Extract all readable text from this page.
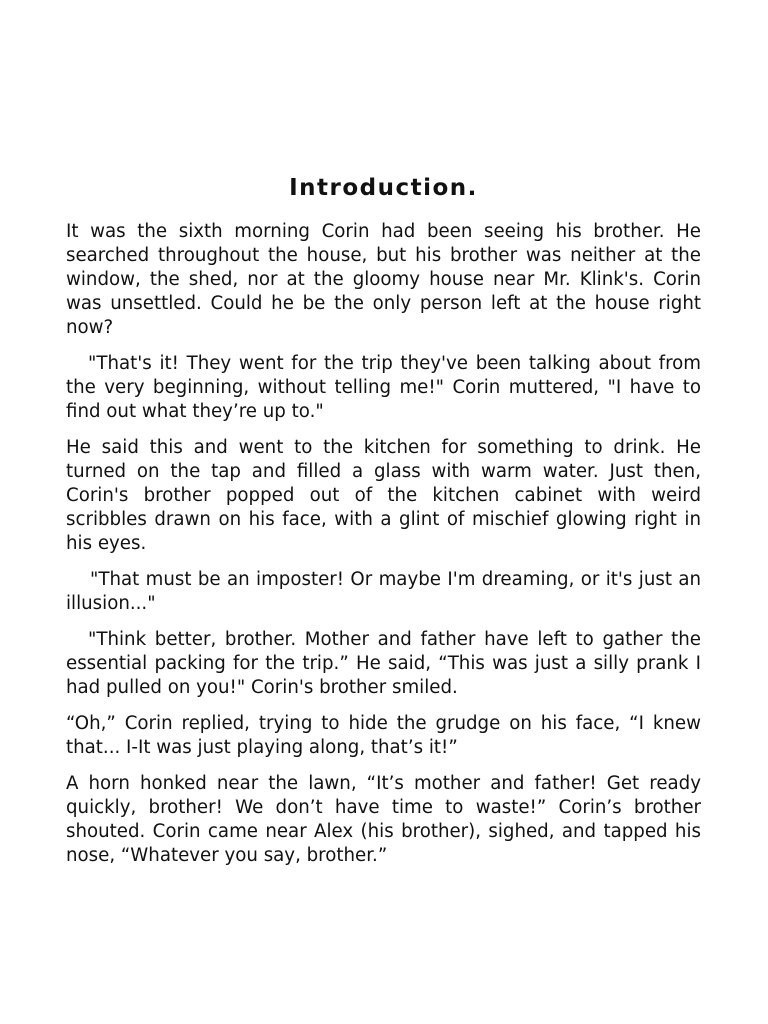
Introduction.

It was the sixth morning Corin had been seeing his brother. He searched throughout the house, but his brother was neither at the window, the shed, nor at the gloomy house near Mr. Klink's. Corin was unsettled. Could he be the only person left at the house right now?

"That's it! They went for the trip they've been talking about from the very beginning, without telling me!" Corin muttered, "I have to find out what they’re up to."

He said this and went to the kitchen for something to drink. He turned on the tap and filled a glass with warm water. Just then, Corin's brother popped out of the kitchen cabinet with weird scribbles drawn on his face, with a glint of mischief glowing right in his eyes.

"That must be an imposter! Or maybe I'm dreaming, or it's just an illusion..."

"Think better, brother. Mother and father have left to gather the essential packing for the trip.” He said, “This was just a silly prank I had pulled on you!" Corin's brother smiled.

“Oh,” Corin replied, trying to hide the grudge on his face, “I knew that... I-It was just playing along, that’s it!”

A horn honked near the lawn, “It’s mother and father! Get ready quickly, brother! We don’t have time to waste!” Corin’s brother shouted. Corin came near Alex (his brother), sighed, and tapped his nose, “Whatever you say, brother.”
